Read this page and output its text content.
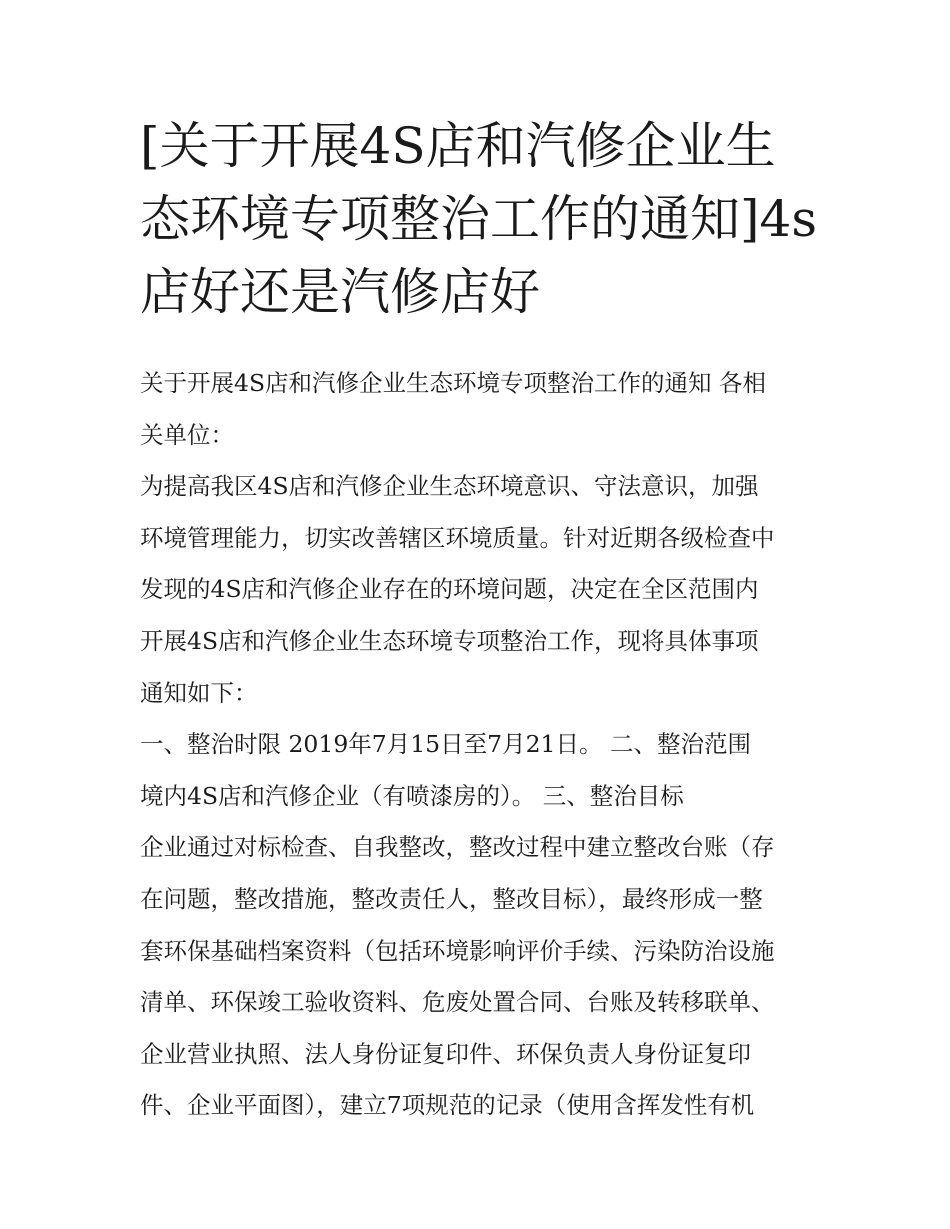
[关于开展4S店和汽修企业生
态环境专项整治工作的通知]4s
店好还是汽修店好
关于开展4S店和汽修企业生态环境专项整治工作的通知 各相
关单位：
为提高我区4S店和汽修企业生态环境意识、守法意识，加强
环境管理能力，切实改善辖区环境质量。针对近期各级检查中
发现的4S店和汽修企业存在的环境问题，决定在全区范围内
开展4S店和汽修企业生态环境专项整治工作，现将具体事项
通知如下：
一、整治时限 2019年7月15日至7月21日。 二、整治范围
境内4S店和汽修企业（有喷漆房的）。 三、整治目标
企业通过对标检查、自我整改，整改过程中建立整改台账（存
在问题，整改措施，整改责任人，整改目标），最终形成一整
套环保基础档案资料（包括环境影响评价手续、污染防治设施
清单、环保竣工验收资料、危废处置合同、台账及转移联单、
企业营业执照、法人身份证复印件、环保负责人身份证复印
件、企业平面图），建立7项规范的记录（使用含挥发性有机
